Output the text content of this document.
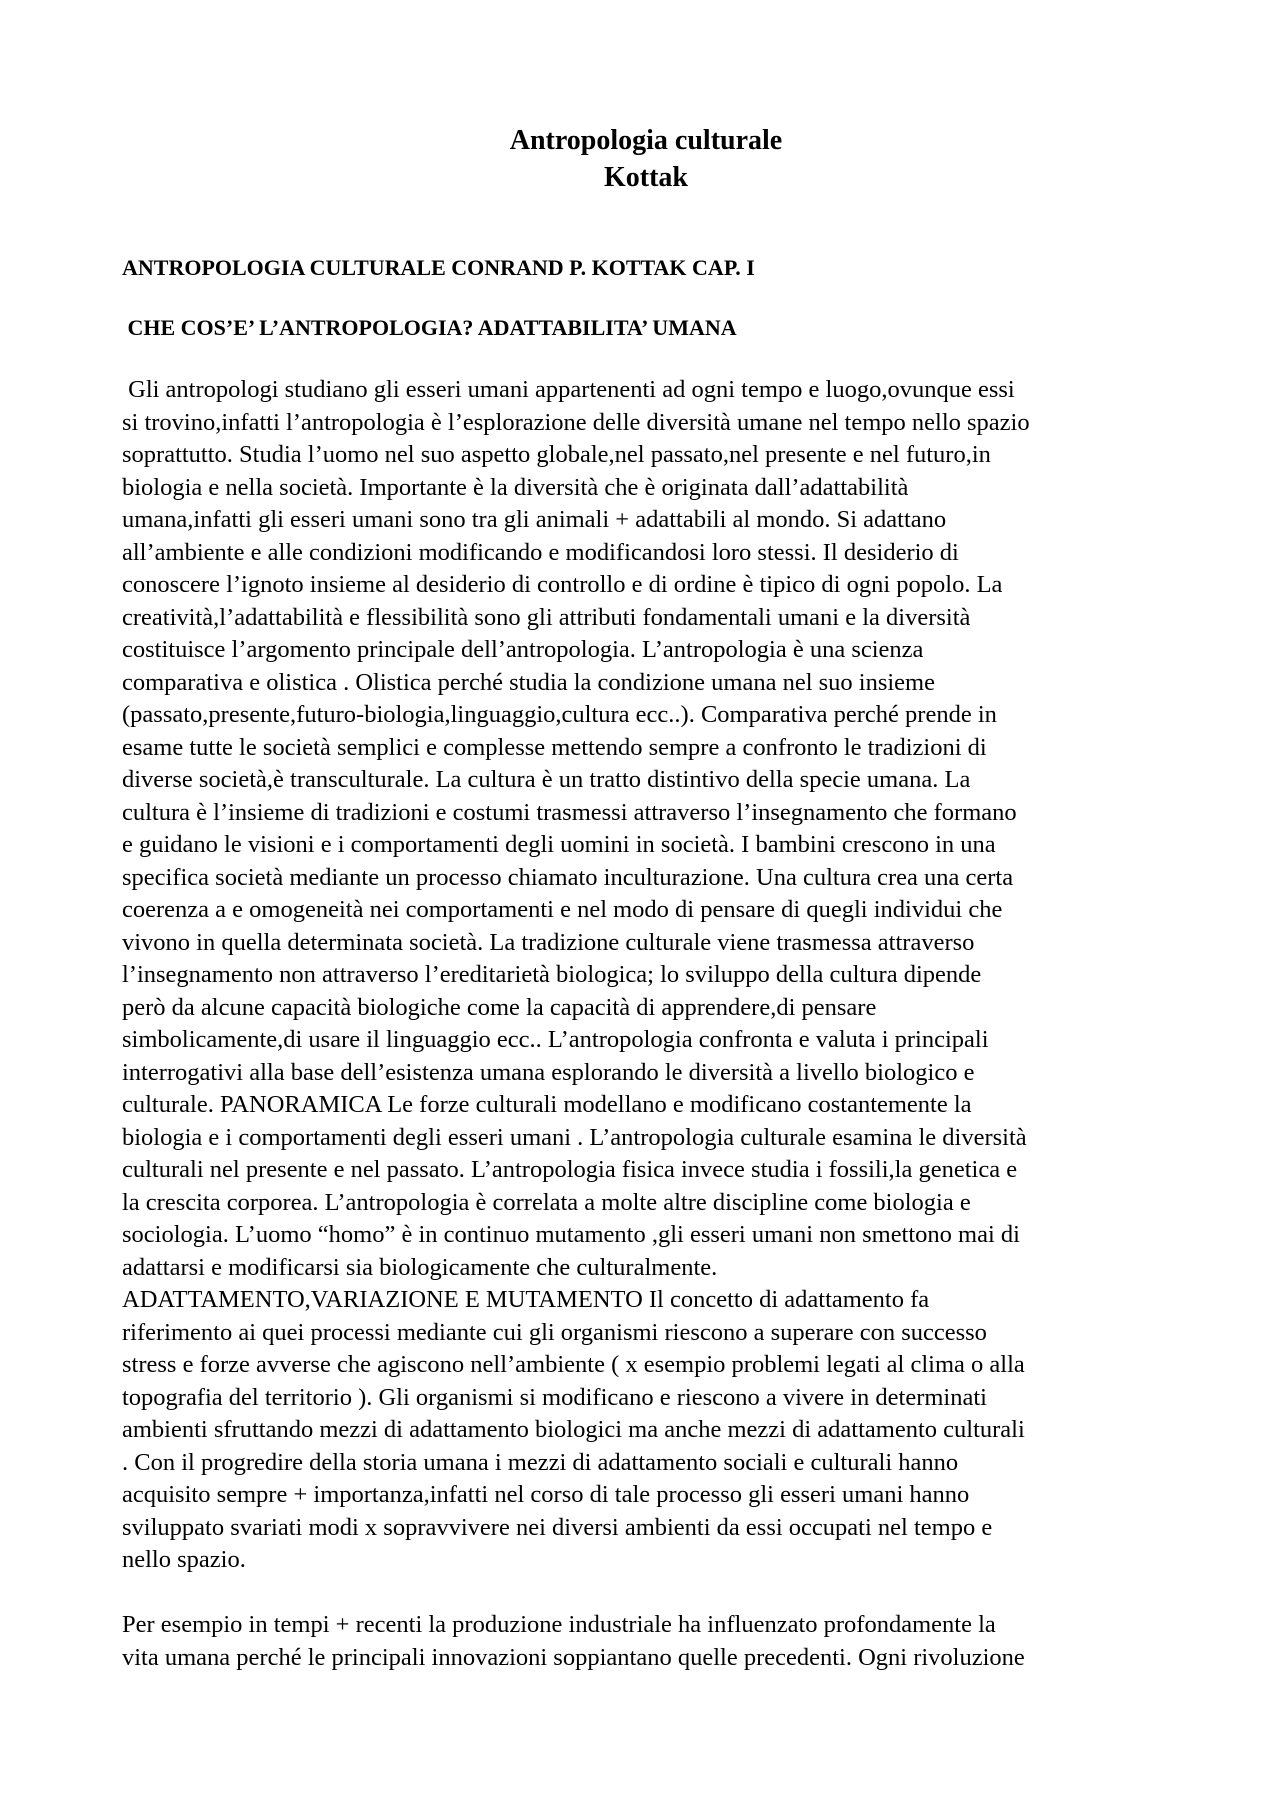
Antropologia culturale
Kottak
ANTROPOLOGIA CULTURALE CONRAND P. KOTTAK CAP. I
CHE COS’E’ L’ANTROPOLOGIA? ADATTABILITA’ UMANA
Gli antropologi studiano gli esseri umani appartenenti ad ogni tempo e luogo,ovunque essi
si trovino,infatti l’antropologia è l’esplorazione delle diversità umane nel tempo nello spazio
soprattutto. Studia l’uomo nel suo aspetto globale,nel passato,nel presente e nel futuro,in
biologia e nella società. Importante è la diversità che è originata dall’adattabilità
umana,infatti gli esseri umani sono tra gli animali + adattabili al mondo. Si adattano
all’ambiente e alle condizioni modificando e modificandosi loro stessi. Il desiderio di
conoscere l’ignoto insieme al desiderio di controllo e di ordine è tipico di ogni popolo. La
creatività,l’adattabilità e flessibilità sono gli attributi fondamentali umani e la diversità
costituisce l’argomento principale dell’antropologia. L’antropologia è una scienza
comparativa e olistica . Olistica perché studia la condizione umana nel suo insieme
(passato,presente,futuro-biologia,linguaggio,cultura ecc..). Comparativa perché prende in
esame tutte le società semplici e complesse mettendo sempre a confronto le tradizioni di
diverse società,è transculturale. La cultura è un tratto distintivo della specie umana. La
cultura è l’insieme di tradizioni e costumi trasmessi attraverso l’insegnamento che formano
e guidano le visioni e i comportamenti degli uomini in società. I bambini crescono in una
specifica società mediante un processo chiamato inculturazione. Una cultura crea una certa
coerenza a e omogeneità nei comportamenti e nel modo di pensare di quegli individui che
vivono in quella determinata società. La tradizione culturale viene trasmessa attraverso
l’insegnamento non attraverso l’ereditarietà biologica; lo sviluppo della cultura dipende
però da alcune capacità biologiche come la capacità di apprendere,di pensare
simbolicamente,di usare il linguaggio ecc.. L’antropologia confronta e valuta i principali
interrogativi alla base dell’esistenza umana esplorando le diversità a livello biologico e
culturale. PANORAMICA Le forze culturali modellano e modificano costantemente la
biologia e i comportamenti degli esseri umani . L’antropologia culturale esamina le diversità
culturali nel presente e nel passato. L’antropologia fisica invece studia i fossili,la genetica e
la crescita corporea. L’antropologia è correlata a molte altre discipline come biologia e
sociologia. L’uomo “homo” è in continuo mutamento ,gli esseri umani non smettono mai di
adattarsi e modificarsi sia biologicamente che culturalmente.
ADATTAMENTO,VARIAZIONE E MUTAMENTO Il concetto di adattamento fa
riferimento ai quei processi mediante cui gli organismi riescono a superare con successo
stress e forze avverse che agiscono nell’ambiente ( x esempio problemi legati al clima o alla
topografia del territorio ). Gli organismi si modificano e riescono a vivere in determinati
ambienti sfruttando mezzi di adattamento biologici ma anche mezzi di adattamento culturali
. Con il progredire della storia umana i mezzi di adattamento sociali e culturali hanno
acquisito sempre + importanza,infatti nel corso di tale processo gli esseri umani hanno
sviluppato svariati modi x sopravvivere nei diversi ambienti da essi occupati nel tempo e
nello spazio.
Per esempio in tempi + recenti la produzione industriale ha influenzato profondamente la
vita umana perché le principali innovazioni soppiantano quelle precedenti. Ogni rivoluzione
